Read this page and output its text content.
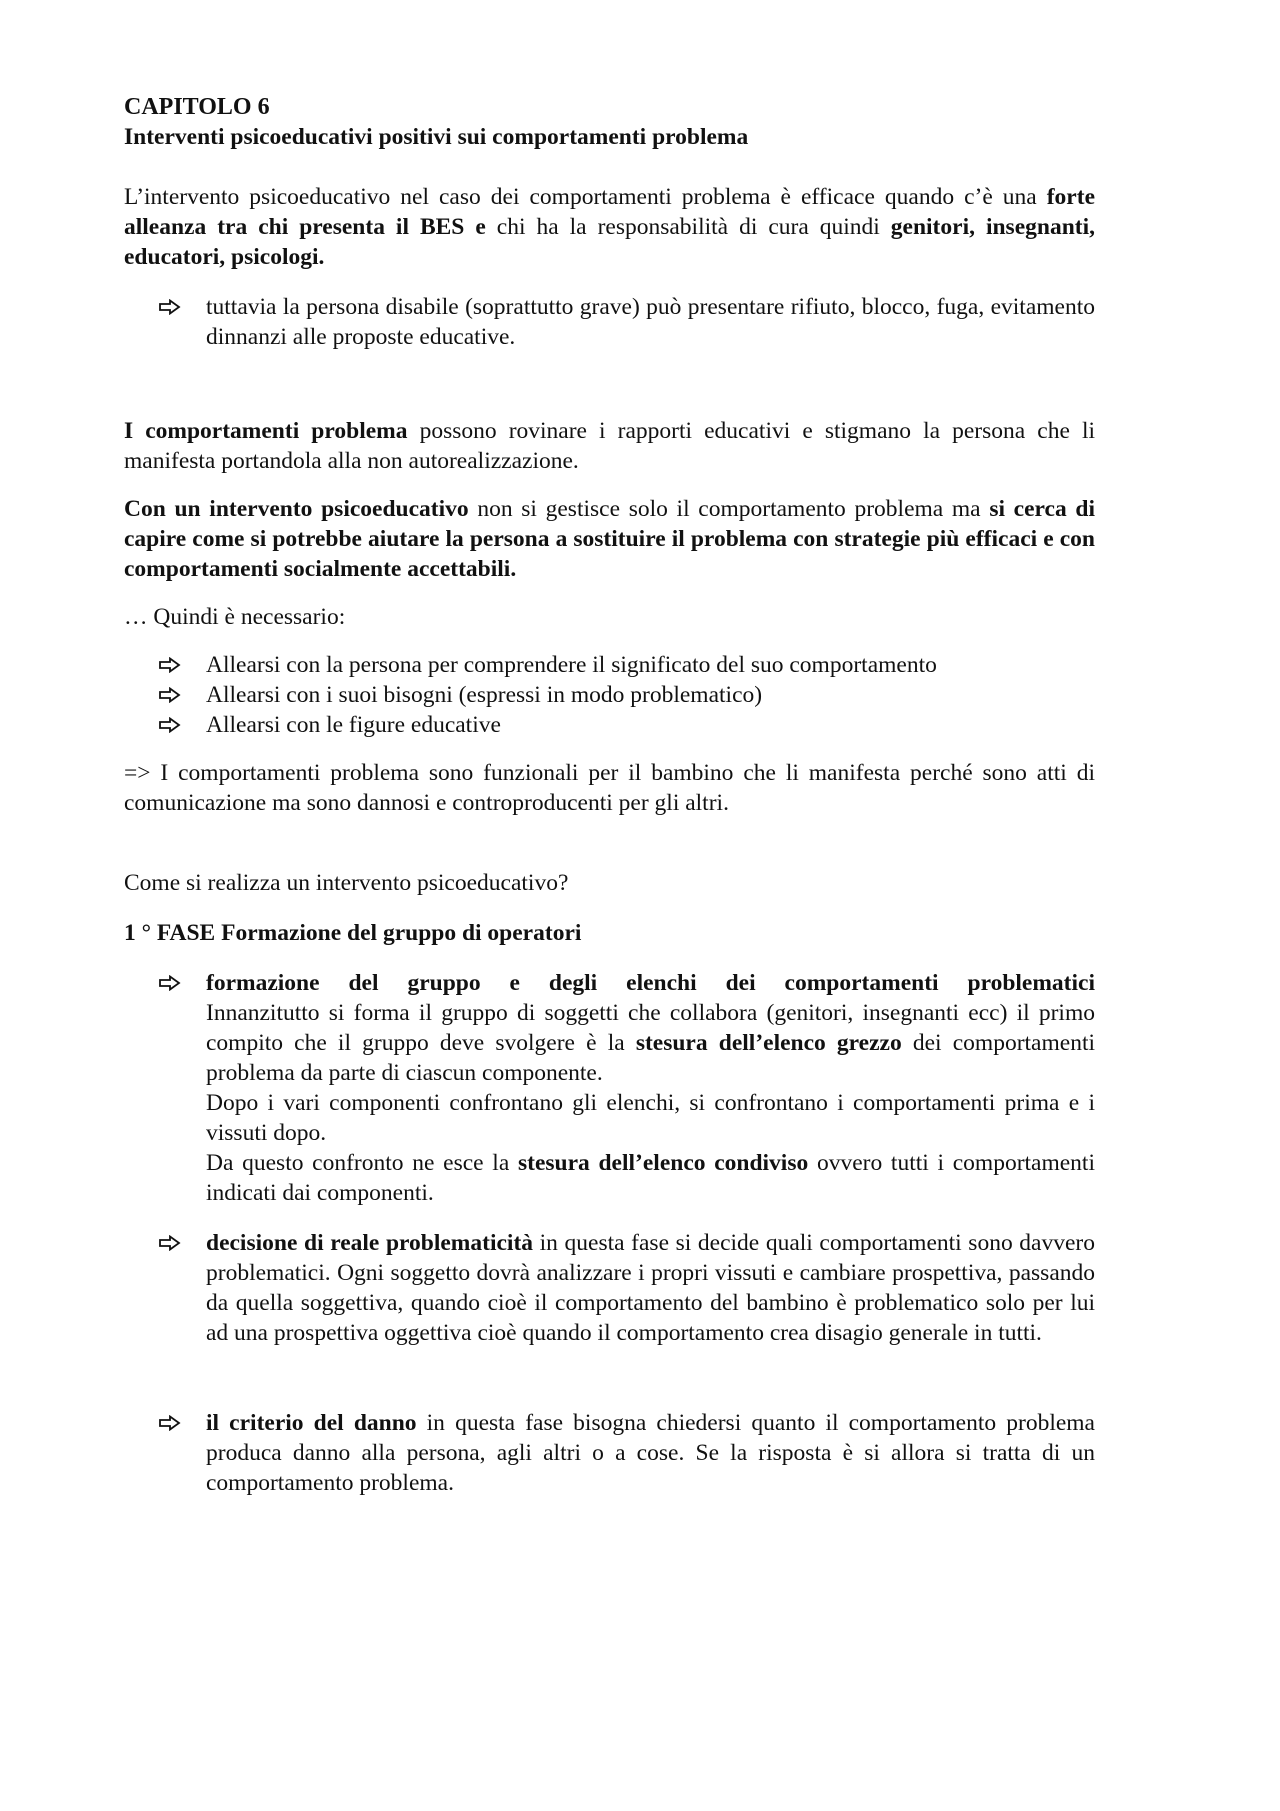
CAPITOLO 6

Interventi psicoeducativi positivi sui comportamenti problema

L’intervento psicoeducativo nel caso dei comportamenti problema è efficace quando c’è una forte alleanza tra chi presenta il BES e chi ha la responsabilità di cura quindi genitori, insegnanti, educatori, psicologi.

tuttavia la persona disabile (soprattutto grave) può presentare rifiuto, blocco, fuga, evitamento dinnanzi alle proposte educative.

I comportamenti problema possono rovinare i rapporti educativi e stigmano la persona che li manifesta portandola alla non autorealizzazione.

Con un intervento psicoeducativo non si gestisce solo il comportamento problema ma si cerca di capire come si potrebbe aiutare la persona a sostituire il problema con strategie più efficaci e con comportamenti socialmente accettabili.

… Quindi è necessario:

Allearsi con la persona per comprendere il significato del suo comportamento
Allearsi con i suoi bisogni (espressi in modo problematico)
Allearsi con le figure educative

=> I comportamenti problema sono funzionali per il bambino che li manifesta perché sono atti di comunicazione ma sono dannosi e controproducenti per gli altri.

Come si realizza un intervento psicoeducativo?

1 ° FASE Formazione del gruppo di operatori

formazione del gruppo e degli elenchi dei comportamenti problematici

Innanzitutto si forma il gruppo di soggetti che collabora (genitori, insegnanti ecc) il primo compito che il gruppo deve svolgere è la stesura dell’elenco grezzo dei comportamenti problema da parte di ciascun componente.

Dopo i vari componenti confrontano gli elenchi, si confrontano i comportamenti prima e i vissuti dopo.

Da questo confronto ne esce la stesura dell’elenco condiviso ovvero tutti i comportamenti indicati dai componenti.

decisione di reale problematicità in questa fase si decide quali comportamenti sono davvero problematici. Ogni soggetto dovrà analizzare i propri vissuti e cambiare prospettiva, passando da quella soggettiva, quando cioè il comportamento del bambino è problematico solo per lui ad una prospettiva oggettiva cioè quando il comportamento crea disagio generale in tutti.
il criterio del danno in questa fase bisogna chiedersi quanto il comportamento problema produca danno alla persona, agli altri o a cose. Se la risposta è si allora si tratta di un comportamento problema.
